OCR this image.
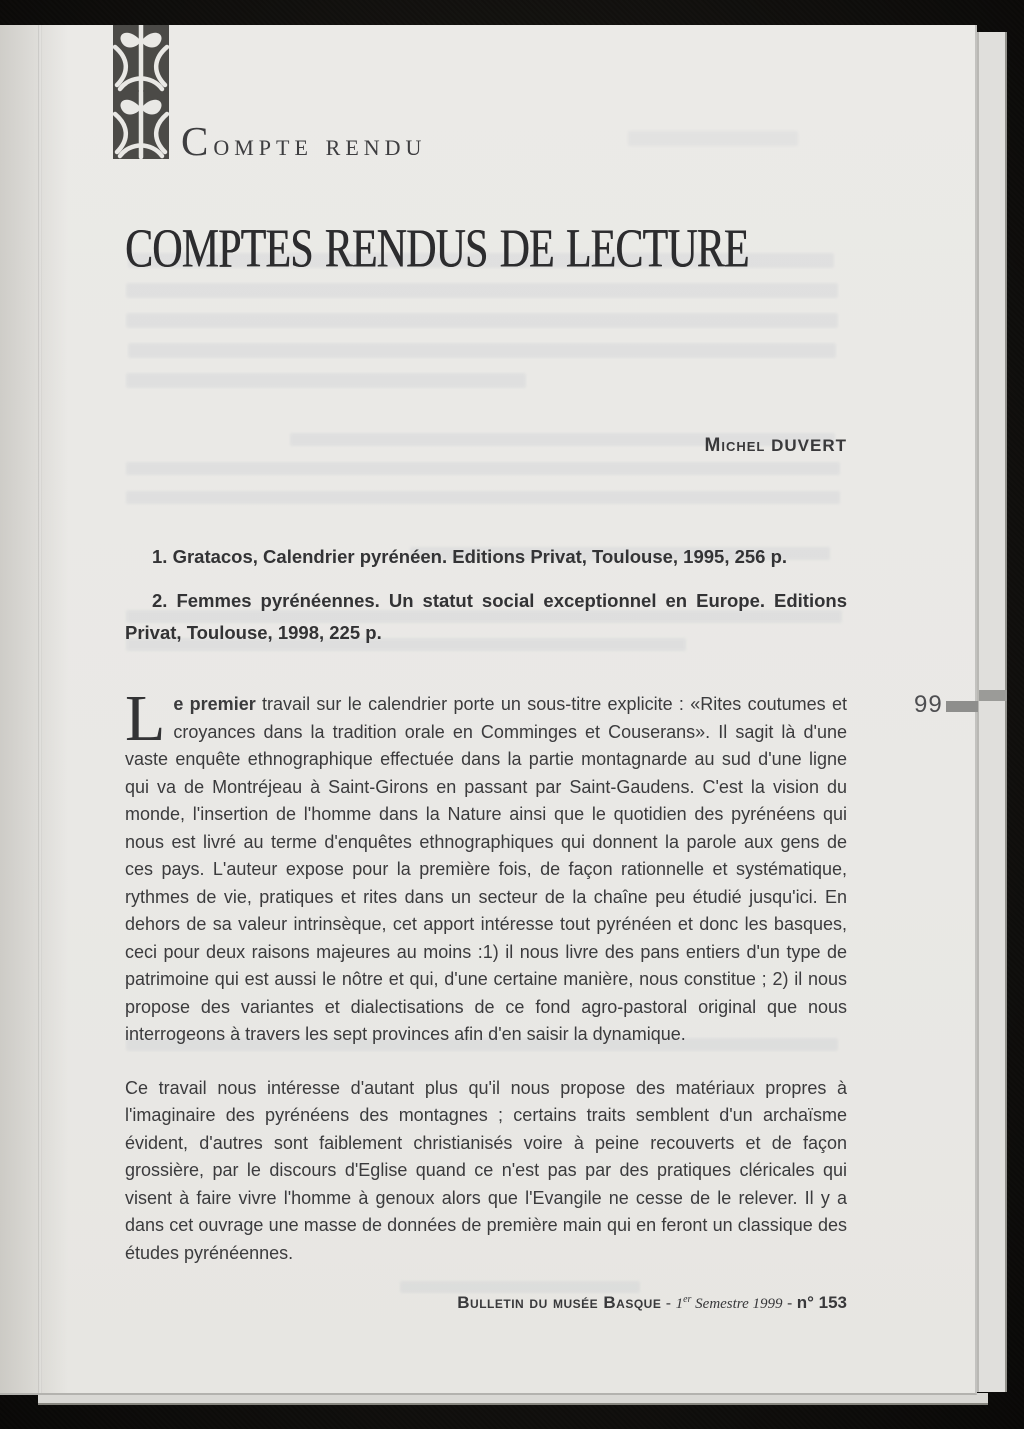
Compte rendu
COMPTES RENDUS DE LECTURE
Michel DUVERT

1. Gratacos, Calendrier pyrénéen. Editions Privat, Toulouse, 1995, 256 p.

2. Femmes pyrénéennes. Un statut social exceptionnel en Europe. Editions Privat, Toulouse, 1998, 225 p.

Le premier travail sur le calendrier porte un sous-titre explicite : «Rites coutumes et croyances dans la tradition orale en Comminges et Couserans». Il sagit là d'une vaste enquête ethnographique effectuée dans la partie montagnarde au sud d'une ligne qui va de Montréjeau à Saint-Girons en passant par Saint-Gaudens. C'est la vision du monde, l'insertion de l'homme dans la Nature ainsi que le quotidien des pyrénéens qui nous est livré au terme d'enquêtes ethnographiques qui donnent la parole aux gens de ces pays. L'auteur expose pour la première fois, de façon rationnelle et systématique, rythmes de vie, pratiques et rites dans un secteur de la chaîne peu étudié jusqu'ici. En dehors de sa valeur intrinsèque, cet apport intéresse tout pyrénéen et donc les basques, ceci pour deux raisons majeures au moins :1) il nous livre des pans entiers d'un type de patrimoine qui est aussi le nôtre et qui, d'une certaine manière, nous constitue ; 2) il nous propose des variantes et dialectisations de ce fond agro-pastoral original que nous interrogeons à travers les sept provinces afin d'en saisir la dynamique.

Ce travail nous intéresse d'autant plus qu'il nous propose des matériaux propres à l'imaginaire des pyrénéens des montagnes ; certains traits semblent d'un archaïsme évident, d'autres sont faiblement christianisés voire à peine recouverts et de façon grossière, par le discours d'Eglise quand ce n'est pas par des pratiques cléricales qui visent à faire vivre l'homme à genoux alors que l'Evangile ne cesse de le relever. Il y a dans cet ouvrage une masse de données de première main qui en feront un classique des études pyrénéennes.

Bulletin du musée Basque - 1er Semestre 1999 - n° 153
99
